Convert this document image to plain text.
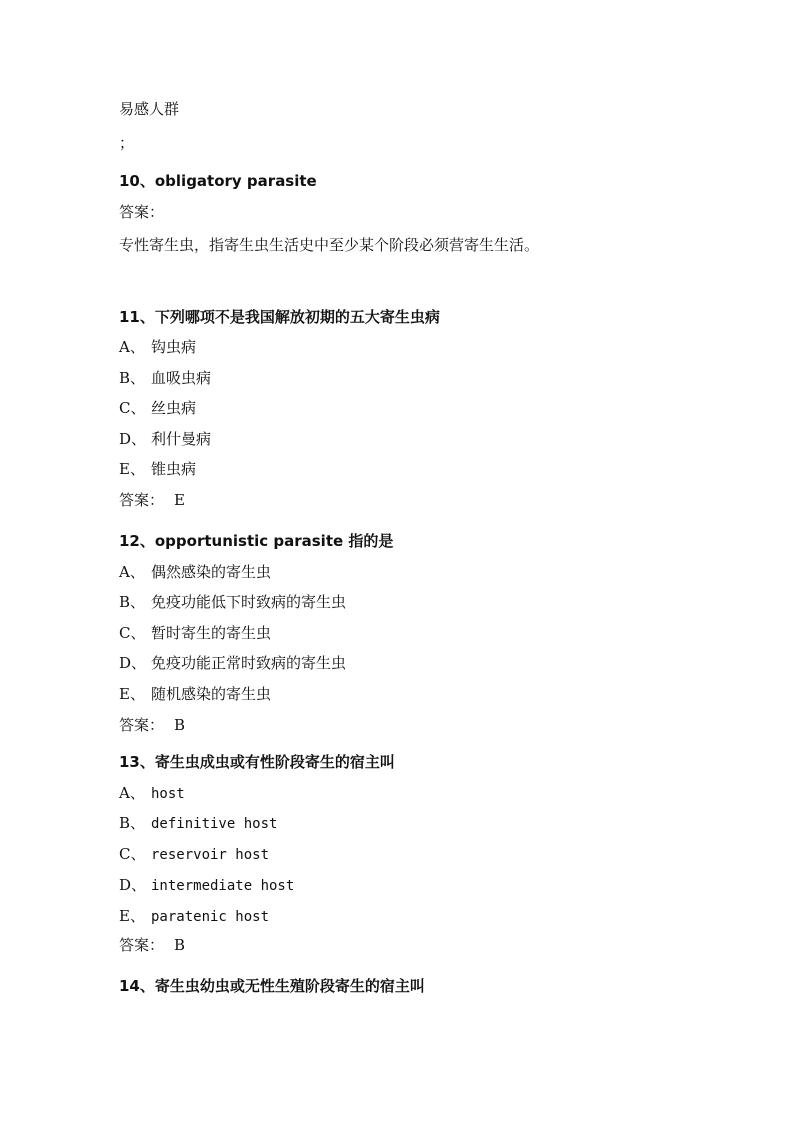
易感人群
；
10、obligatory parasite
答案：
专性寄生虫，指寄生虫生活史中至少某个阶段必须营寄生生活。
11、下列哪项不是我国解放初期的五大寄生虫病
A、 钩虫病
B、 血吸虫病
C、 丝虫病
D、 利什曼病
E、 锥虫病
答案： E
12、opportunistic parasite 指的是
A、 偶然感染的寄生虫
B、 免疫功能低下时致病的寄生虫
C、 暂时寄生的寄生虫
D、 免疫功能正常时致病的寄生虫
E、 随机感染的寄生虫
答案： B
13、寄生虫成虫或有性阶段寄生的宿主叫
A、 host
B、 definitive host
C、 reservoir host
D、 intermediate host
E、 paratenic host
答案： B
14、寄生虫幼虫或无性生殖阶段寄生的宿主叫
